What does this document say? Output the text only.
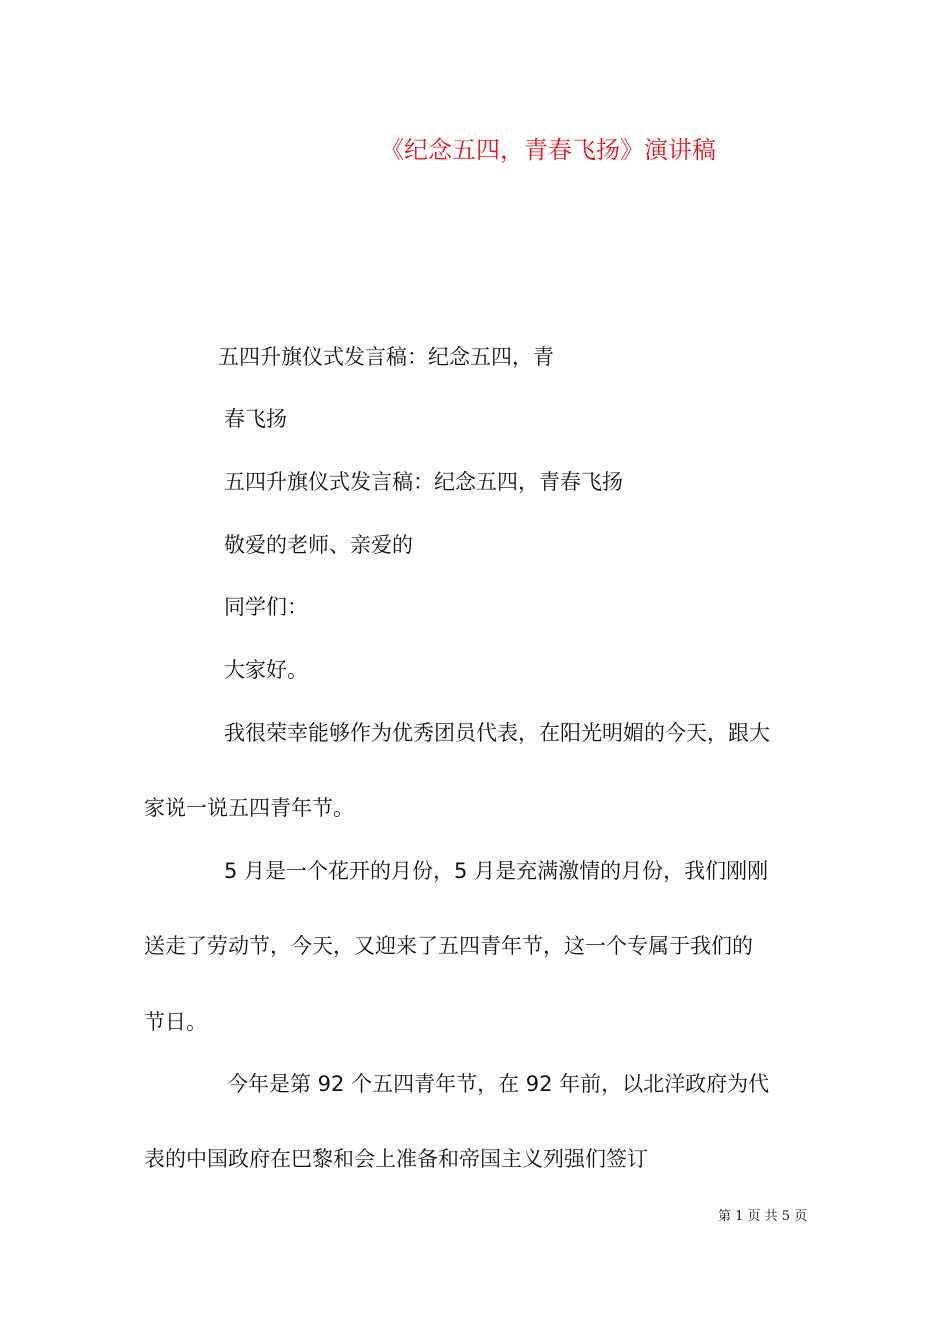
《纪念五四，青春飞扬》演讲稿
五四升旗仪式发言稿：纪念五四，青
春飞扬
五四升旗仪式发言稿：纪念五四，青春飞扬
敬爱的老师、亲爱的
同学们：
大家好。
我很荣幸能够作为优秀团员代表，在阳光明媚的今天，跟大
家说一说五四青年节。
5 月是一个花开的月份，5 月是充满激情的月份，我们刚刚
送走了劳动节，今天，又迎来了五四青年节，这一个专属于我们的
节日。
今年是第 92 个五四青年节，在 92 年前，以北洋政府为代
表的中国政府在巴黎和会上准备和帝国主义列强们签订
第 1 页 共 5 页
